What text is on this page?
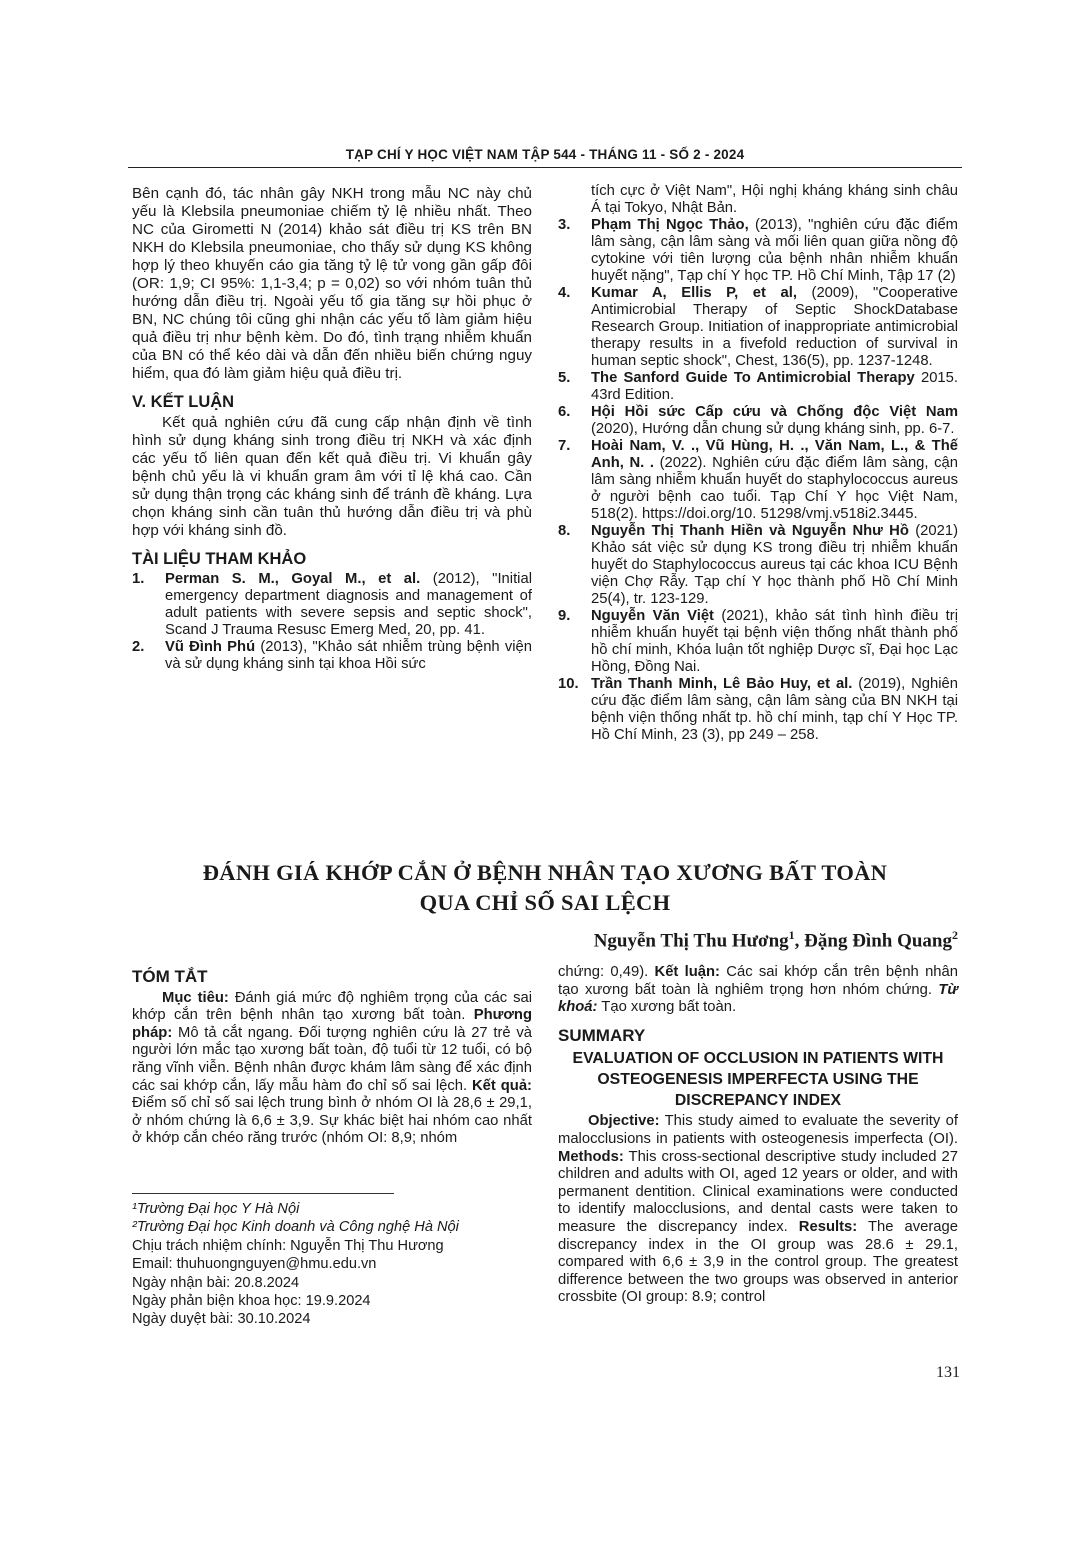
TẠP CHÍ Y HỌC VIỆT NAM TẬP 544 - THÁNG 11 - SỐ 2 - 2024

Bên cạnh đó, tác nhân gây NKH trong mẫu NC này chủ yếu là Klebsila pneumoniae chiếm tỷ lệ nhiều nhất. Theo NC của Girometti N (2014) khảo sát điều trị KS trên BN NKH do Klebsila pneumoniae, cho thấy sử dụng KS không hợp lý theo khuyến cáo gia tăng tỷ lệ tử vong gần gấp đôi (OR: 1,9; CI 95%: 1,1-3,4; p = 0,02) so với nhóm tuân thủ hướng dẫn điều trị. Ngoài yếu tố gia tăng sự hồi phục ở BN, NC chúng tôi cũng ghi nhận các yếu tố làm giảm hiệu quả điều trị như bệnh kèm. Do đó, tình trạng nhiễm khuẩn của BN có thể kéo dài và dẫn đến nhiều biến chứng nguy hiểm, qua đó làm giảm hiệu quả điều trị.

V. KẾT LUẬN

Kết quả nghiên cứu đã cung cấp nhận định về tình hình sử dụng kháng sinh trong điều trị NKH và xác định các yếu tố liên quan đến kết quả điều trị. Vi khuẩn gây bệnh chủ yếu là vi khuẩn gram âm với tỉ lệ khá cao. Cần sử dụng thận trọng các kháng sinh để tránh đề kháng. Lựa chọn kháng sinh cần tuân thủ hướng dẫn điều trị và phù hợp với kháng sinh đồ.

TÀI LIỆU THAM KHẢO
1.	Perman S. M., Goyal M., et al. (2012), "Initial emergency department diagnosis and management of adult patients with severe sepsis and septic shock", Scand J Trauma Resusc Emerg Med, 20, pp. 41.
2.	Vũ Đình Phú (2013), "Khảo sát nhiễm trùng bệnh viện và sử dụng kháng sinh tại khoa Hồi sức
tích cực ở Việt Nam", Hội nghị kháng kháng sinh châu Á tại Tokyo, Nhật Bản.
3.	Phạm Thị Ngọc Thảo, (2013), "nghiên cứu đặc điểm lâm sàng, cận lâm sàng và mối liên quan giữa nồng độ cytokine với tiên lượng của bệnh nhân nhiễm khuẩn huyết nặng", Tạp chí Y học TP. Hồ Chí Minh, Tập 17 (2)
4.	Kumar A, Ellis P, et al, (2009), "Cooperative Antimicrobial Therapy of Septic ShockDatabase Research Group. Initiation of inappropriate antimicrobial therapy results in a fivefold reduction of survival in human septic shock", Chest, 136(5), pp. 1237-1248.
5.	The Sanford Guide To Antimicrobial Therapy 2015. 43rd Edition.
6.	Hội Hồi sức Cấp cứu và Chống độc Việt Nam (2020), Hướng dẫn chung sử dụng kháng sinh, pp. 6-7.
7.	Hoài Nam, V. ., Vũ Hùng, H. ., Văn Nam, L., & Thế Anh, N. . (2022). Nghiên cứu đặc điểm lâm sàng, cận lâm sàng nhiễm khuẩn huyết do staphylococcus aureus ở người bệnh cao tuổi. Tạp Chí Y học Việt Nam, 518(2). https://doi.org/10. 51298/vmj.v518i2.3445.
8.	Nguyễn Thị Thanh Hiền và Nguyễn Như Hồ (2021) Khảo sát việc sử dụng KS trong điều trị nhiễm khuẩn huyết do Staphylococcus aureus tại các khoa ICU Bệnh viện Chợ Rẫy. Tạp chí Y học thành phố Hồ Chí Minh 25(4), tr. 123-129.
9.	Nguyễn Văn Việt (2021), khảo sát tình hình điều trị nhiễm khuẩn huyết tại bệnh viện thống nhất thành phố hồ chí minh, Khóa luận tốt nghiệp Dược sĩ, Đại học Lạc Hồng, Đồng Nai.
10. Trần Thanh Minh, Lê Bảo Huy, et al. (2019), Nghiên cứu đặc điểm lâm sàng, cận lâm sàng của BN NKH tại bệnh viện thống nhất tp. hồ chí minh, tạp chí Y Học TP. Hồ Chí Minh, 23 (3), pp 249 – 258.
ĐÁNH GIÁ KHỚP CẮN Ở BỆNH NHÂN TẠO XƯƠNG BẤT TOÀN
QUA CHỈ SỐ SAI LỆCH
Nguyễn Thị Thu Hương$^1$, Đặng Đình Quang$^2$
TÓM TẮT

Mục tiêu: Đánh giá mức độ nghiêm trọng của các sai khớp cắn trên bệnh nhân tạo xương bất toàn. Phương pháp: Mô tả cắt ngang. Đối tượng nghiên cứu là 27 trẻ và người lớn mắc tạo xương bất toàn, độ tuổi từ 12 tuổi, có bộ răng vĩnh viễn. Bệnh nhân được khám lâm sàng để xác định các sai khớp cắn, lấy mẫu hàm đo chỉ số sai lệch. Kết quả: Điểm số chỉ số sai lệch trung bình ở nhóm OI là 28,6 ± 29,1, ở nhóm chứng là 6,6 ± 3,9. Sự khác biệt hai nhóm cao nhất ở khớp cắn chéo răng trước (nhóm OI: 8,9; nhóm

¹Trường Đại học Y Hà Nội
²Trường Đại học Kinh doanh và Công nghệ Hà Nội
Chịu trách nhiệm chính: Nguyễn Thị Thu Hương
Email: thuhuongnguyen@hmu.edu.vn
Ngày nhận bài: 20.8.2024
Ngày phản biện khoa học: 19.9.2024
Ngày duyệt bài: 30.10.2024

chứng: 0,49). Kết luận: Các sai khớp cắn trên bệnh nhân tạo xương bất toàn là nghiêm trọng hơn nhóm chứng. Từ khoá: Tạo xương bất toàn.

SUMMARY
EVALUATION OF OCCLUSION IN PATIENTS WITH OSTEOGENESIS IMPERFECTA USING THE DISCREPANCY INDEX

Objective: This study aimed to evaluate the severity of malocclusions in patients with osteogenesis imperfecta (OI). Methods: This cross-sectional descriptive study included 27 children and adults with OI, aged 12 years or older, and with permanent dentition. Clinical examinations were conducted to identify malocclusions, and dental casts were taken to measure the discrepancy index. Results: The average discrepancy index in the OI group was 28.6 ± 29.1, compared with 6,6 ± 3,9 in the control group. The greatest difference between the two groups was observed in anterior crossbite (OI group: 8.9; control

131
